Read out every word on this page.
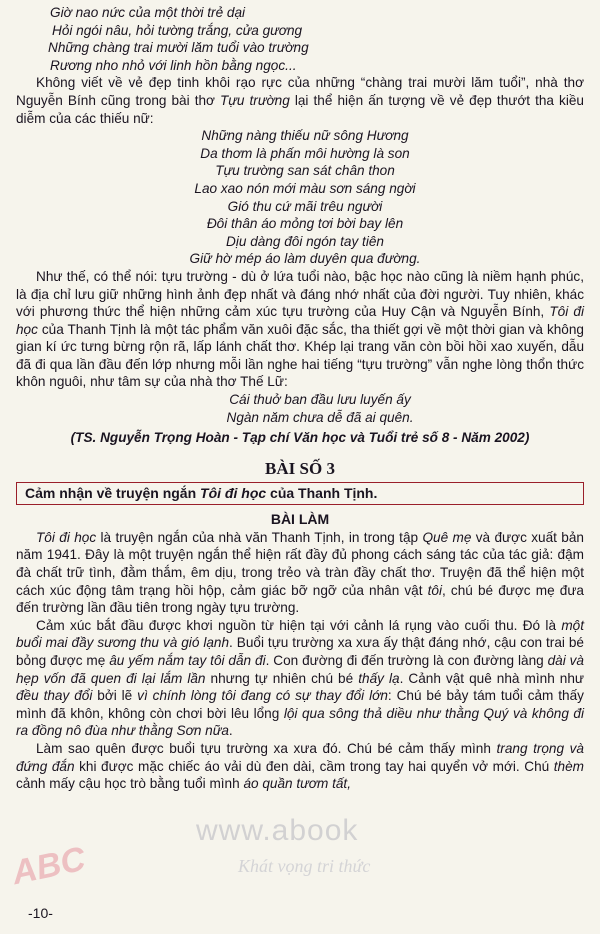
Giờ nao nức của một thời trẻ dại
Hỏi ngói nâu, hỏi tường trắng, cửa gương
Những chàng trai mười lăm tuổi vào trường
Rương nho nhỏ với linh hồn bằng ngọc...

Không viết về vẻ đẹp tinh khôi rạo rực của những “chàng trai mười lăm tuổi”, nhà thơ Nguyễn Bính cũng trong bài thơ Tựu trường lại thể hiện ấn tượng về vẻ đẹp thướt tha kiều diễm của các thiếu nữ:

Những nàng thiếu nữ sông Hương
Da thơm là phấn môi hường là son
Tựu trường san sát chân thon
Lao xao nón mới màu sơn sáng ngời
Gió thu cứ mãi trêu người
Đôi thân áo mỏng tơi bời bay lên
Dịu dàng đôi ngón tay tiên
Giữ hờ mép áo làm duyên qua đường.

Như thế, có thể nói: tựu trường - dù ở lứa tuổi nào, bậc học nào cũng là niềm hạnh phúc, là địa chỉ lưu giữ những hình ảnh đẹp nhất và đáng nhớ nhất của đời người. Tuy nhiên, khác với phương thức thể hiện những cảm xúc tựu trường của Huy Cận và Nguyễn Bính, Tôi đi học của Thanh Tịnh là một tác phẩm văn xuôi đặc sắc, tha thiết gợi về một thời gian và không gian kí ức tưng bừng rộn rã, lấp lánh chất thơ. Khép lại trang văn còn bồi hồi xao xuyến, dẫu đã đi qua lần đầu đến lớp nhưng mỗi lần nghe hai tiếng “tựu trường” vẫn nghe lòng thổn thức khôn nguôi, như tâm sự của nhà thơ Thế Lữ:

Cái thuở ban đầu lưu luyến ấy
Ngàn năm chưa dễ đã ai quên.
(TS. Nguyễn Trọng Hoàn - Tạp chí Văn học và Tuổi trẻ số 8 - Năm 2002)
BÀI SỐ 3
Cảm nhận về truyện ngắn Tôi đi học của Thanh Tịnh.
BÀI LÀM

Tôi đi học là truyện ngắn của nhà văn Thanh Tịnh, in trong tập Quê mẹ và được xuất bản năm 1941. Đây là một truyện ngắn thể hiện rất đầy đủ phong cách sáng tác của tác giả: đậm đà chất trữ tình, đằm thắm, êm dịu, trong trẻo và tràn đầy chất thơ. Truyện đã thể hiện một cách xúc động tâm trạng hồi hộp, cảm giác bỡ ngỡ của nhân vật tôi, chú bé được mẹ đưa đến trường lần đầu tiên trong ngày tựu trường.

Cảm xúc bắt đầu được khơi nguồn từ hiện tại với cảnh lá rụng vào cuối thu. Đó là một buổi mai đầy sương thu và gió lạnh. Buổi tựu trường xa xưa ấy thật đáng nhớ, cậu con trai bé bỏng được mẹ âu yếm nắm tay tôi dẫn đi. Con đường đi đến trường là con đường làng dài và hẹp vốn đã quen đi lại lắm lần nhưng tự nhiên chú bé thấy lạ. Cảnh vật quê nhà mình như đều thay đổi bởi lẽ vì chính lòng tôi đang có sự thay đổi lớn: Chú bé bảy tám tuổi cảm thấy mình đã khôn, không còn chơi bời lêu lổng lội qua sông thả diều như thằng Quý và không đi ra đồng nô đùa như thằng Sơn nữa.

Làm sao quên được buổi tựu trường xa xưa đó. Chú bé cảm thấy mình trang trọng và đứng đắn khi được mặc chiếc áo vải dù đen dài, cầm trong tay hai quyển vở mới. Chú thèm cảnh mấy cậu học trò bằng tuổi mình áo quần tươm tất,

www.abook
Khát vọng tri thức
ABC
-10-
